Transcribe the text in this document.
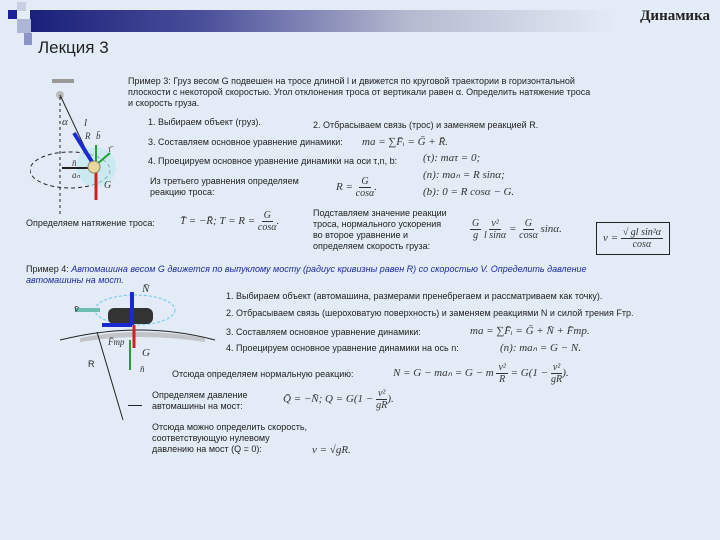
Динамика
Лекция 3
α l
R b̄
τ̄
n̄
aₙ
G
Пример 3: Груз весом G подвешен на тросе длиной l и движется по круговой траектории в горизонтальной
плоскости с некоторой скоростью. Угол отклонения троса от вертикали равен α. Определить натяжение троса
и скорость груза.
1. Выбираем объект (груз).	2. Отбрасываем связь (трос) и заменяем реакцией R.
3. Составляем основное уравнение динамики: ma = ∑F̄ᵢ = Ḡ + R̄.
4. Проецируем основное уравнение динамики на оси τ,n, b: (τ): maτ = 0;
(n): maₙ = R sinα;
(b): 0 = R cosα − G.
Из третьего уравнения определяем
реакцию троса:	$R = \frac{G}{\cos\alpha}$ .
Определяем натяжение троса: T̄ = −R̄; $T = R = \frac{G}{\cos\alpha}$ .
Подставляем значение реакции
троса, нормального ускорения
во второе уравнение и
определяем скорость груза:
$\frac{G}{g}$
$\frac{\text{v²}}{\text{l sinα}} = \frac{G}{\cos\alpha} \sin\alpha$.
$v = \frac{\text{√ gl sin²α}}{\cos\alpha}$
Пример 4: Автомашина весом G движется по выпуклому мосту (радиус кривизны равен R) со скоростью V. Определить давление
автомашины на мост.
N̄
v̄
F̄тр
G
n̄
R
1. Выбираем объект (автомашина, размерами пренебрегаем и рассматриваем как точку).
2. Отбрасываем связь (шероховатую поверхность) и заменяем реакциями N и силой трения Fтр.
3. Составляем основное уравнение динамики:	ma = ∑F̄ᵢ = Ḡ + N̄ + F̄тр.
4. Проецируем основное уравнение динамики на ось n:	(n): maₙ = G − N.
Отсюда определяем нормальную реакцию:	N = G − maₙ = G − m $\frac{\text{v²}}{R} = G(1 - \frac{\text{v²}}{gR}$ ).
Определяем давление
автомашины на мост:
Q̄ = −N̄; $Q = G(1 - \frac{\text{v²}}{gR}$ ).
Отсюда можно определить скорость,
соответствующую нулевому
давлению на мост (Q = 0):	v = √gR.
